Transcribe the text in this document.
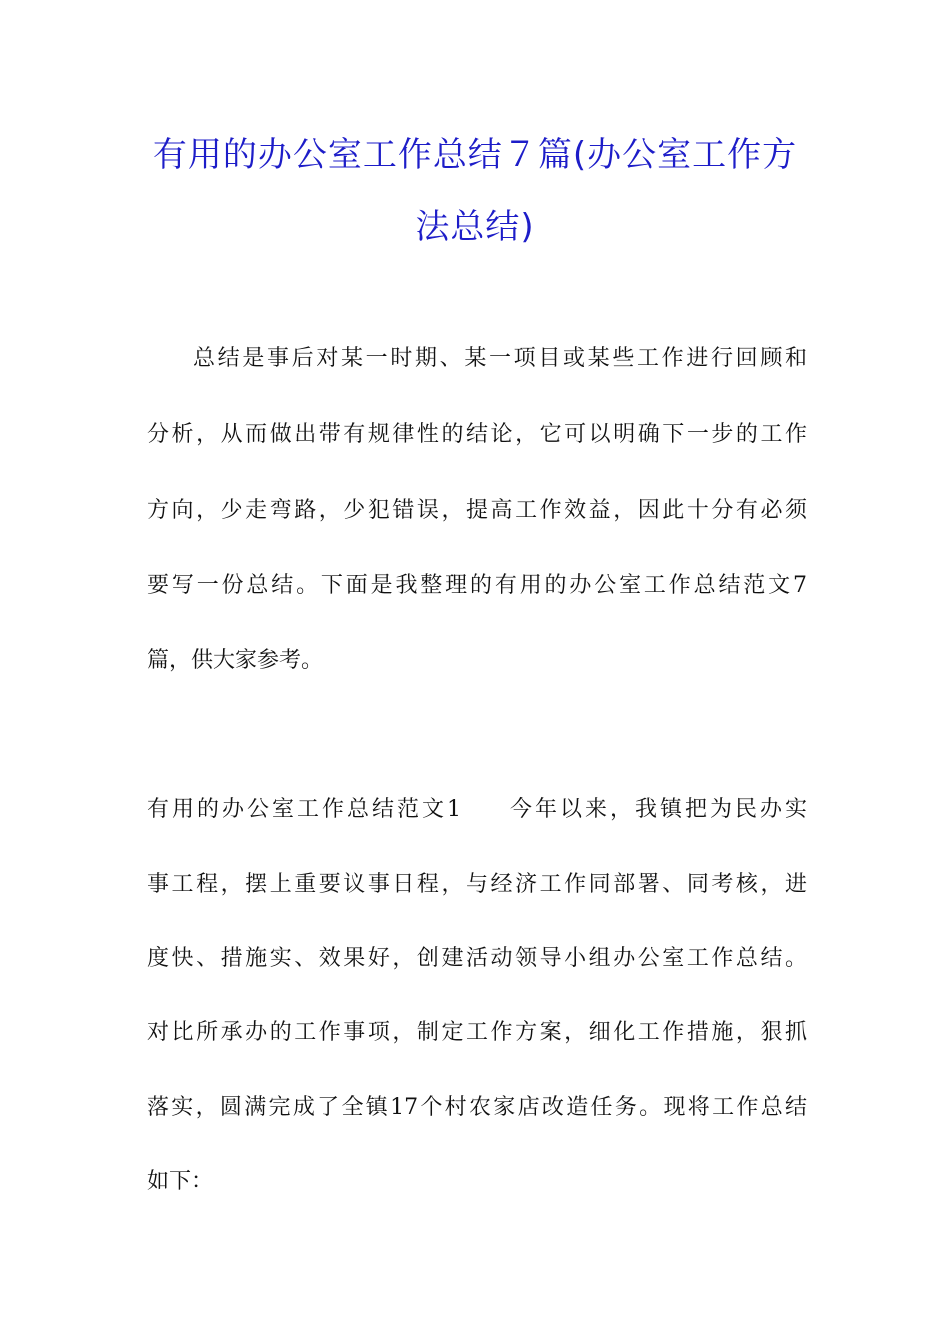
有用的办公室工作总结７篇(办公室工作方
法总结)
总结是事后对某一时期、某一项目或某些工作进行回顾和
分析，从而做出带有规律性的结论，它可以明确下一步的工作
方向，少走弯路，少犯错误，提高工作效益，因此十分有必须
要写一份总结。下面是我整理的有用的办公室工作总结范文7
篇，供大家参考。
有用的办公室工作总结范文1 今年以来，我镇把为民办实
事工程，摆上重要议事日程，与经济工作同部署、同考核，进
度快、措施实、效果好，创建活动领导小组办公室工作总结。
对比所承办的工作事项，制定工作方案，细化工作措施，狠抓
落实，圆满完成了全镇17个村农家店改造任务。现将工作总结
如下：
